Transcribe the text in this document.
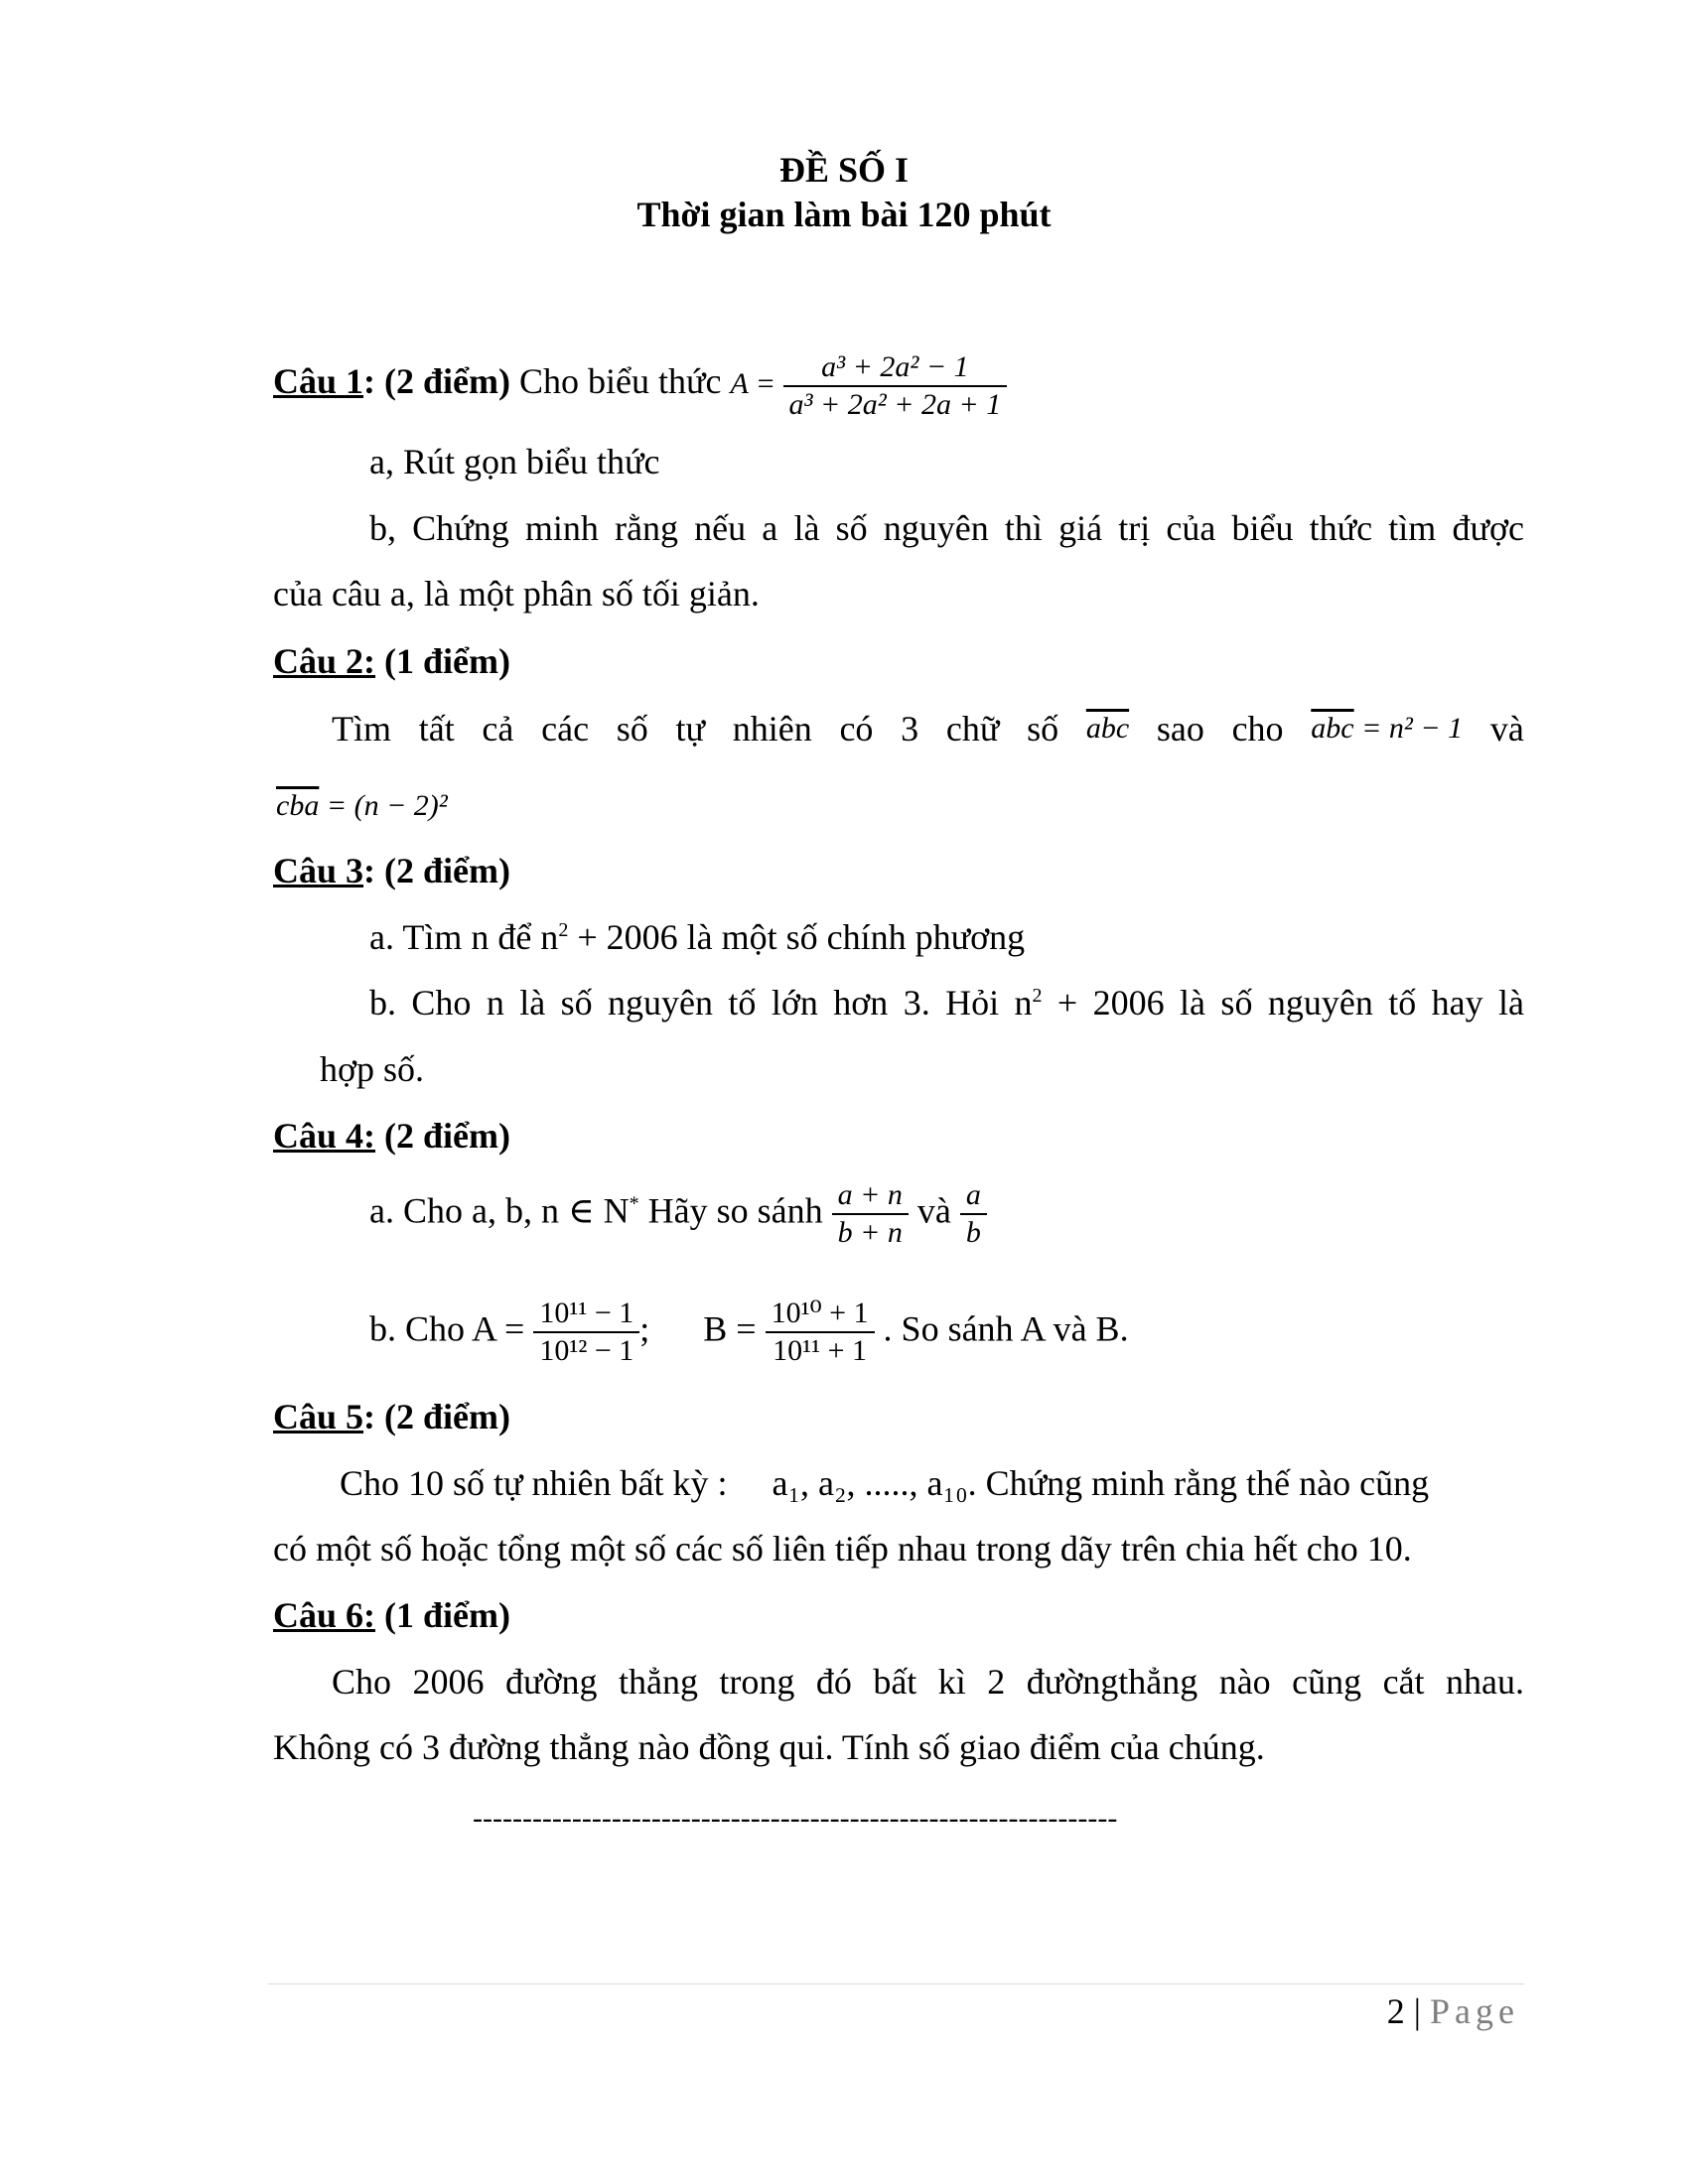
ĐỀ SỐ I
Thời gian làm bài 120 phút
Câu 1: (2 điểm) Cho biểu thức $A = \frac{\text{a³ + 2a² − 1}}{\text{a³ + 2a² + 2a + 1}}$
a, Rút gọn biểu thức
b, Chứng minh rằng nếu a là số nguyên thì giá trị của biểu thức tìm được
của câu a, là một phân số tối giản.
Câu 2: (1 điểm)
Tìm tất cả các số tự nhiên có 3 chữ số $\overline{abc}$ sao cho $\overline{abc} = n^2 - 1$ và
$\overline{cba} = (n - 2)^2$
Câu 3: (2 điểm)
a. Tìm n để $n^2 + 2006$ là một số chính phương
b. Cho n là số nguyên tố lớn hơn 3. Hỏi $n^2 + 2006$ là số nguyên tố hay là
hợp số.
Câu 4: (2 điểm)
a. Cho a, b, n ∈ N* Hãy so sánh $\frac{a + n}{b + n}$ và $\frac{a}{b}$
b. Cho $A = \frac{\text{10¹¹ − 1}}{\text{10¹² − 1}}$ ;      $B = \frac{\text{10¹⁰ + 1}}{\text{10¹¹ + 1}}$ . So sánh A và B.
Câu 5: (2 điểm)
Cho 10 số tự nhiên bất kỳ :     a₁, a₂, ....., a₁₀. Chứng minh rằng thế nào cũng
có một số hoặc tổng một số các số liên tiếp nhau trong dãy trên chia hết cho 10.
Câu 6: (1 điểm)
Cho 2006 đường thẳng trong đó bất kì 2 đườngthẳng nào cũng cắt nhau.
Không có 3 đường thẳng nào đồng qui. Tính số giao điểm của chúng.
-----------------------------------------------------------------
2 | Page
